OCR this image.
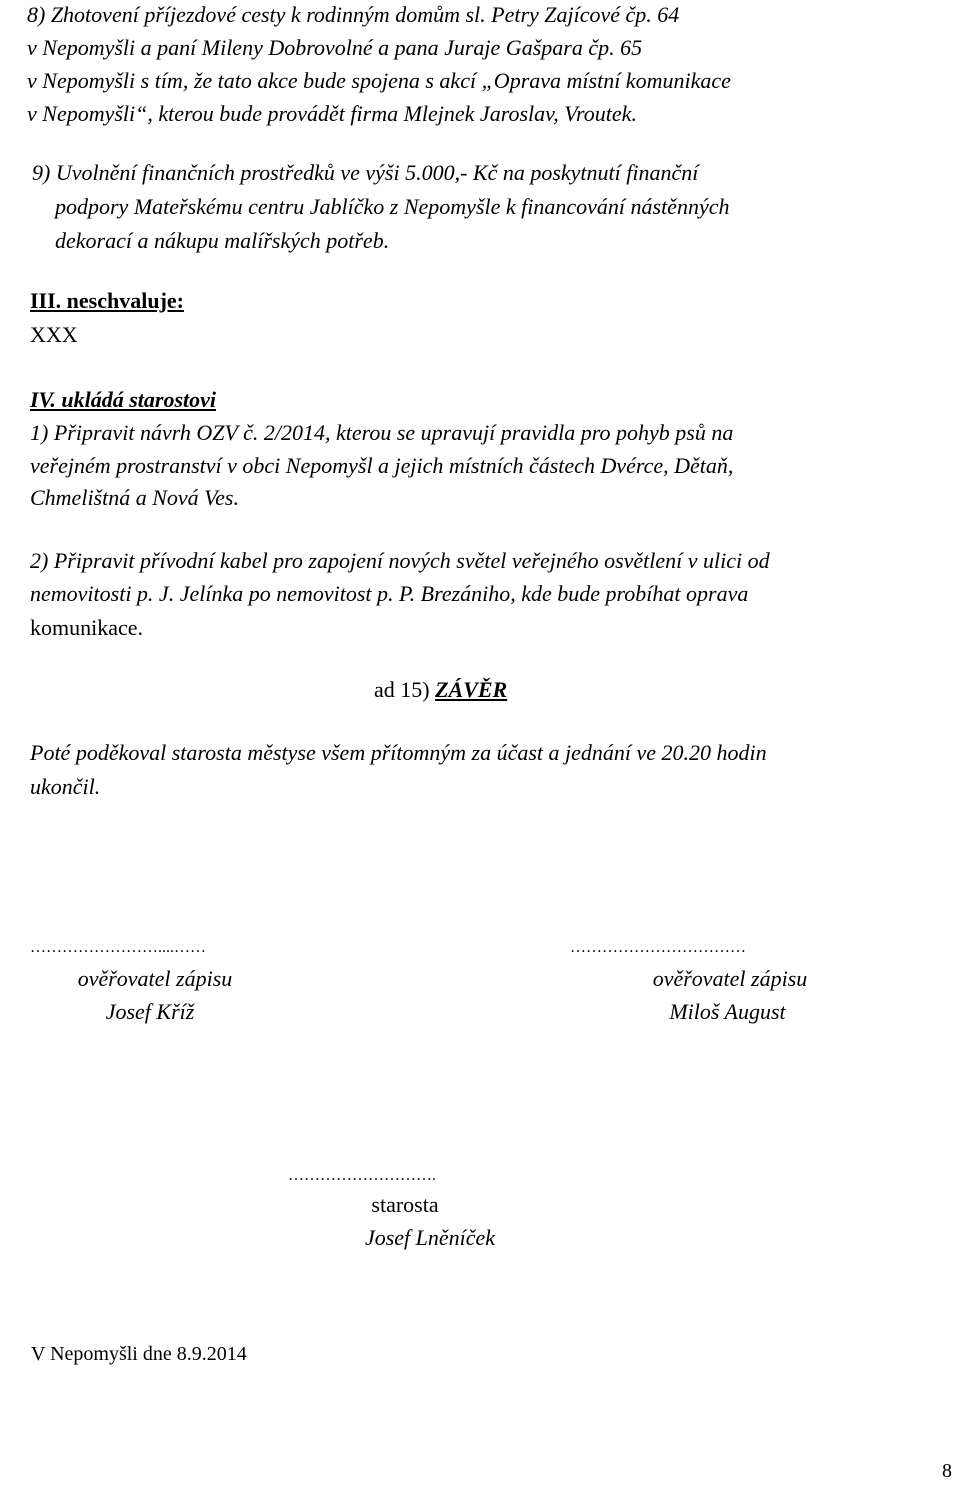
8) Zhotovení příjezdové cesty k rodinným domům sl. Petry Zajícové čp. 64
v Nepomyšli a paní Mileny Dobrovolné a pana Juraje Gašpara čp. 65
v Nepomyšli s tím, že tato akce bude spojena s akcí „Oprava místní komunikace
v Nepomyšli“, kterou bude provádět firma Mlejnek Jaroslav, Vroutek.
9) Uvolnění finančních prostředků ve výši 5.000,- Kč na poskytnutí finanční
podpory Mateřskému centru Jablíčko z Nepomyšle k financování nástěnných
dekorací a nákupu malířských potřeb.
III. neschvaluje:
XXX
IV. ukládá starostovi
1) Připravit návrh OZV č. 2/2014, kterou se upravují pravidla pro pohyb psů na
veřejném prostranství v obci Nepomyšl a jejich místních částech Dvérce, Dětaň,
Chmelištná a Nová Ves.
2) Připravit přívodní kabel pro zapojení nových světel veřejného osvětlení v ulici od
nemovitosti p. J. Jelínka po nemovitost p. P. Brezániho, kde bude probíhat oprava
komunikace.
ad 15) ZÁVĚR
Poté poděkoval starosta městyse všem přítomným za účast a jednání ve 20.20 hodin
ukončil.
……………………....……
ověřovatel zápisu
Josef Kříž
……………………………
ověřovatel zápisu
Miloš August
……………………….
starosta
Josef Lněníček
V Nepomyšli dne 8.9.2014
8
